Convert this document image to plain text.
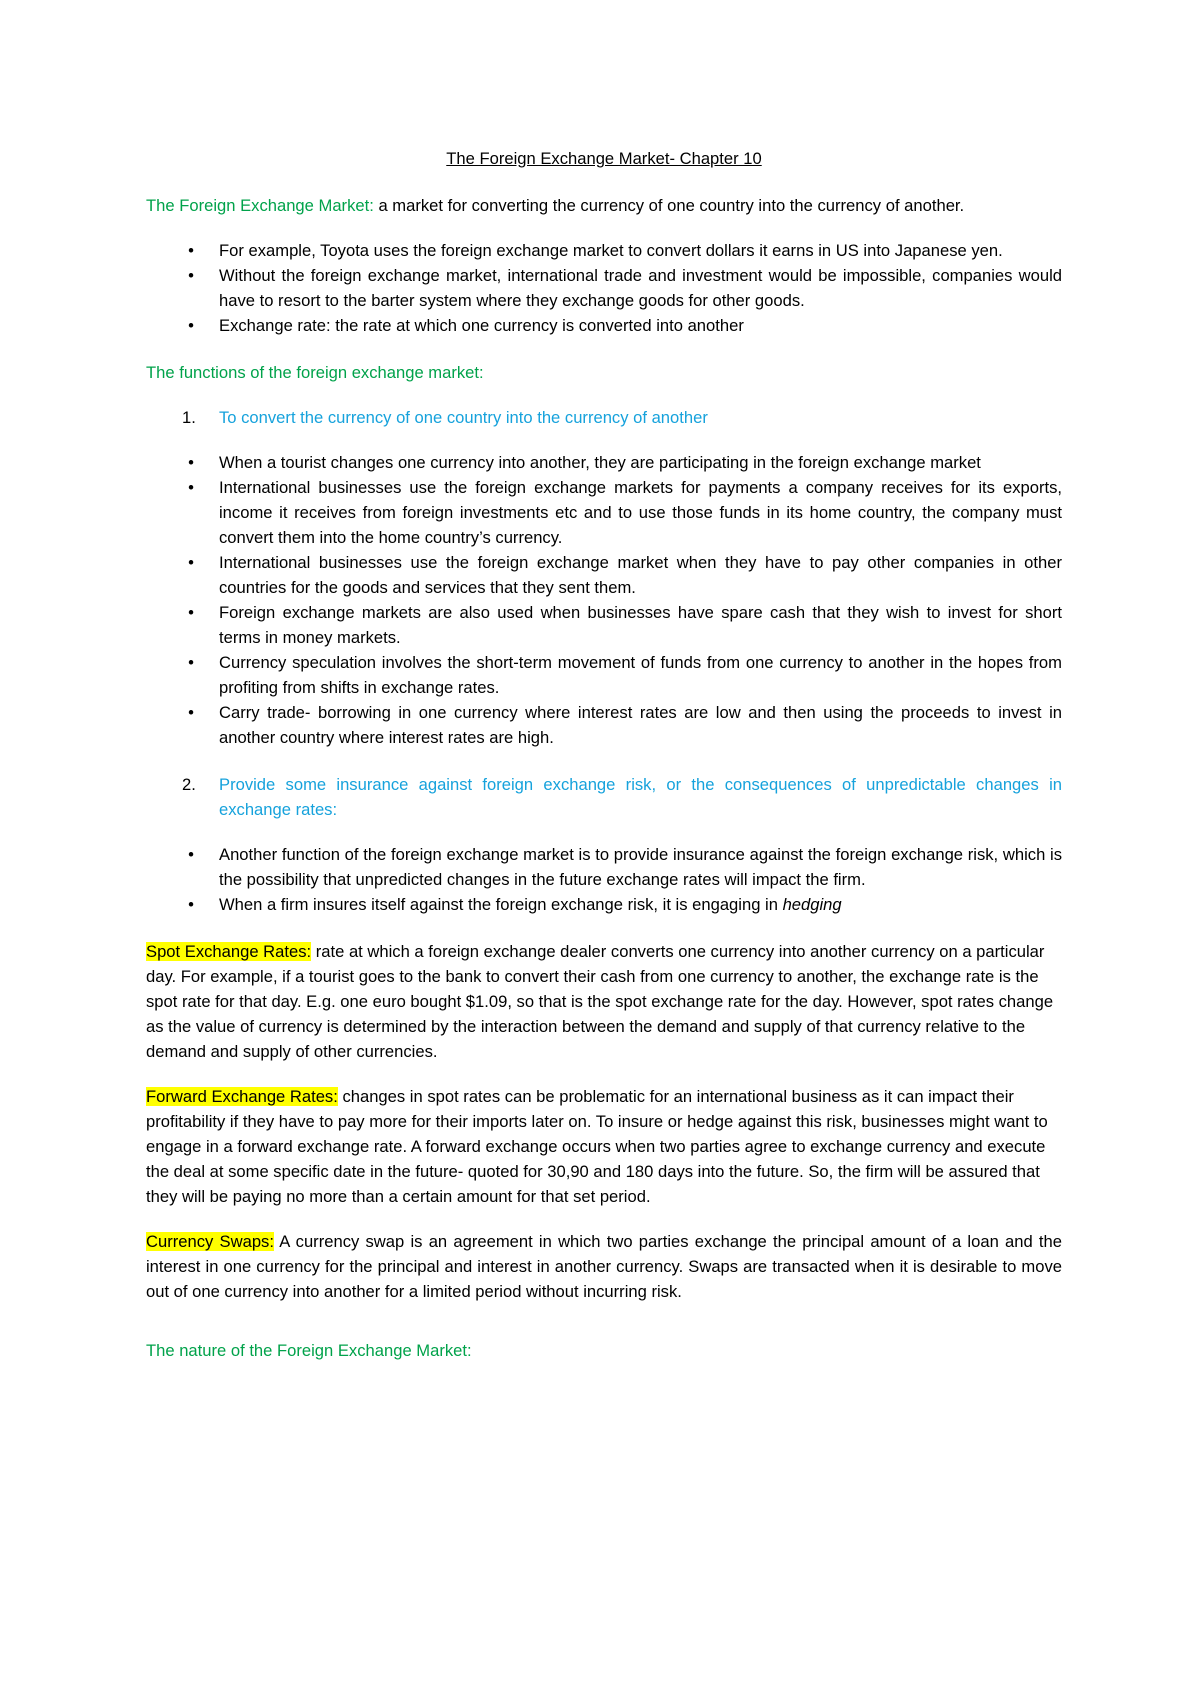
The Foreign Exchange Market- Chapter 10
The Foreign Exchange Market: a market for converting the currency of one country into the currency of another.
• For example, Toyota uses the foreign exchange market to convert dollars it earns in US into Japanese yen.
• Without the foreign exchange market, international trade and investment would be impossible, companies would have to resort to the barter system where they exchange goods for other goods.
• Exchange rate: the rate at which one currency is converted into another
The functions of the foreign exchange market:
1. To convert the currency of one country into the currency of another
• When a tourist changes one currency into another, they are participating in the foreign exchange market
• International businesses use the foreign exchange markets for payments a company receives for its exports, income it receives from foreign investments etc and to use those funds in its home country, the company must convert them into the home country’s currency.
• International businesses use the foreign exchange market when they have to pay other companies in other countries for the goods and services that they sent them.
• Foreign exchange markets are also used when businesses have spare cash that they wish to invest for short terms in money markets.
• Currency speculation involves the short-term movement of funds from one currency to another in the hopes from profiting from shifts in exchange rates.
• Carry trade- borrowing in one currency where interest rates are low and then using the proceeds to invest in another country where interest rates are high.
2. Provide some insurance against foreign exchange risk, or the consequences of unpredictable changes in exchange rates:
• Another function of the foreign exchange market is to provide insurance against the foreign exchange risk, which is the possibility that unpredicted changes in the future exchange rates will impact the firm.
• When a firm insures itself against the foreign exchange risk, it is engaging in hedging
Spot Exchange Rates: rate at which a foreign exchange dealer converts one currency into another currency on a particular day. For example, if a tourist goes to the bank to convert their cash from one currency to another, the exchange rate is the spot rate for that day. E.g. one euro bought $1.09, so that is the spot exchange rate for the day. However, spot rates change as the value of currency is determined by the interaction between the demand and supply of that currency relative to the demand and supply of other currencies.
Forward Exchange Rates: changes in spot rates can be problematic for an international business as it can impact their profitability if they have to pay more for their imports later on. To insure or hedge against this risk, businesses might want to engage in a forward exchange rate. A forward exchange occurs when two parties agree to exchange currency and execute the deal at some specific date in the future- quoted for 30,90 and 180 days into the future. So, the firm will be assured that they will be paying no more than a certain amount for that set period.
Currency Swaps: A currency swap is an agreement in which two parties exchange the principal amount of a loan and the interest in one currency for the principal and interest in another currency. Swaps are transacted when it is desirable to move out of one currency into another for a limited period without incurring risk.
The nature of the Foreign Exchange Market:
